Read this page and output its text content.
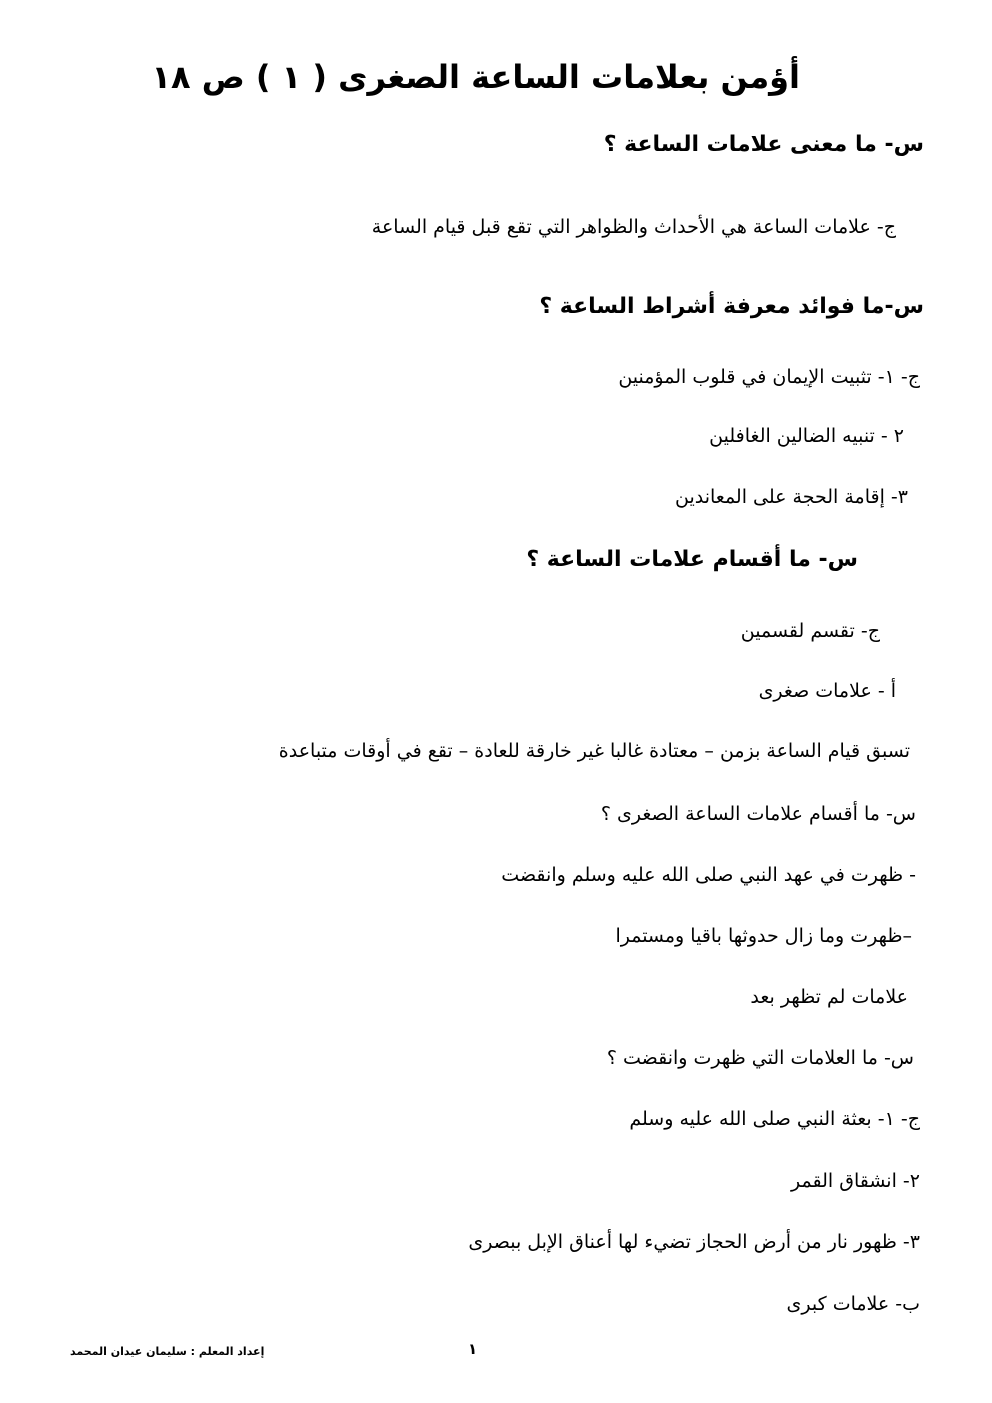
أؤمن بعلامات الساعة الصغرى ( ١ ) ص ١٨
س- ما معنى علامات الساعة ؟
ج- علامات الساعة هي الأحداث والظواهر التي تقع قبل قيام الساعة
س-ما فوائد معرفة أشراط الساعة ؟
ج- ١- تثبيت الإيمان في قلوب المؤمنين
٢ - تنبيه الضالين الغافلين
٣- إقامة الحجة على المعاندين
س- ما أقسام علامات الساعة ؟
ج- تقسم لقسمين
أ - علامات صغرى
تسبق قيام الساعة بزمن – معتادة غالبا غير خارقة للعادة – تقع في أوقات متباعدة
س- ما أقسام علامات الساعة الصغرى ؟
- ظهرت في عهد النبي صلى الله عليه وسلم وانقضت
–ظهرت وما زال حدوثها باقيا ومستمرا
علامات لم تظهر بعد
س- ما العلامات التي ظهرت وانقضت ؟
ج- ١- بعثة النبي صلى الله عليه وسلم
٢- انشقاق القمر
٣- ظهور نار من أرض الحجاز تضيء لها أعناق الإبل ببصرى
ب- علامات كبرى
١
إعداد المعلم : سليمان عيدان المحمد
